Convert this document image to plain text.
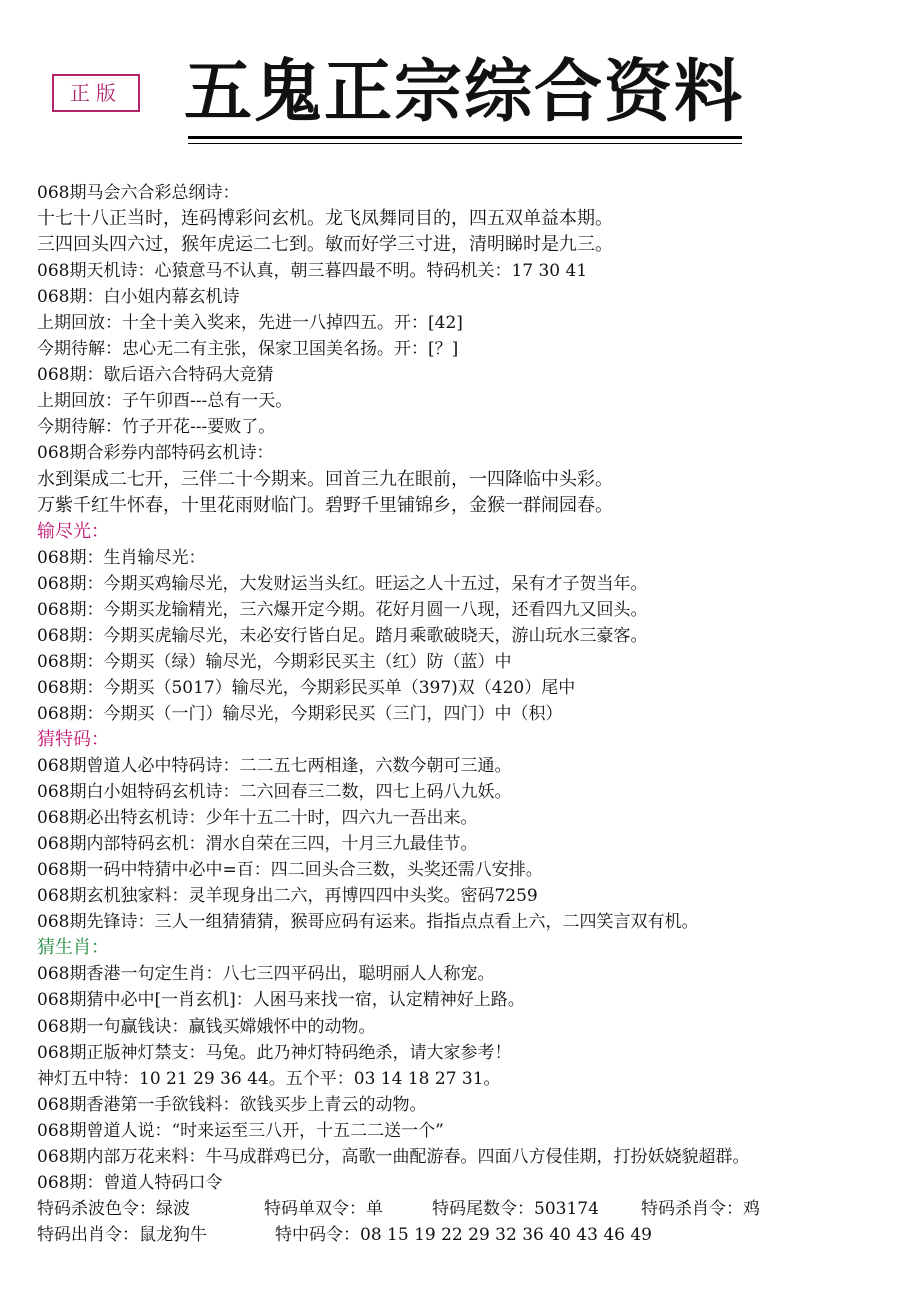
正版 五鬼正宗综合资料
068期马会六合彩总纲诗：
十七十八正当时，连码博彩问玄机。龙飞凤舞同目的，四五双单益本期。
三四回头四六过，猴年虎运二七到。敏而好学三寸进，清明睇时是九三。
068期天机诗：心猿意马不认真，朝三暮四最不明。特码机关：17 30 41
068期：白小姐内幕玄机诗
上期回放：十全十美入奖来，先进一八掉四五。开：[42]
今期待解：忠心无二有主张，保家卫国美名扬。开：[？]
068期：歇后语六合特码大竞猜
上期回放：子午卯酉---总有一天。
今期待解：竹子开花---要败了。
068期合彩券内部特码玄机诗：
水到渠成二七开，三伴二十今期来。回首三九在眼前，一四降临中头彩。
万紫千红牛怀春，十里花雨财临门。碧野千里铺锦乡，金猴一群闹园春。
输尽光：
068期：生肖输尽光：
068期：今期买鸡输尽光，大发财运当头红。旺运之人十五过，呆有才子贺当年。
068期：今期买龙输精光，三六爆开定今期。花好月圆一八现，还看四九又回头。
068期：今期买虎输尽光，未必安行皆白足。踏月乘歌破晓天，游山玩水三豪客。
068期：今期买（绿）输尽光，今期彩民买主（红）防（蓝）中
068期：今期买（5017）输尽光，今期彩民买单（397)双（420）尾中
068期：今期买（一门）输尽光，今期彩民买（三门，四门）中（积）
猜特码：
068期曾道人必中特码诗：二二五七两相逢，六数今朝可三通。
068期白小姐特码玄机诗：二六回春三二数，四七上码八九妖。
068期必出特玄机诗：少年十五二十时，四六九一吾出来。
068期内部特码玄机：渭水自荣在三四，十月三九最佳节。
068期一码中特猜中必中=百：四二回头合三数，头奖还需八安排。
068期玄机独家料：灵羊现身出二六，再博四四中头奖。密码7259
068期先锋诗：三人一组猜猜猜，猴哥应码有运来。指指点点看上六，二四笑言双有机。
猜生肖：
068期香港一句定生肖：八七三四平码出，聪明丽人人称宠。
068期猜中必中[一肖玄机]：人困马来找一宿，认定精神好上路。
068期一句赢钱诀：赢钱买嫦娥怀中的动物。
068期正版神灯禁支：马兔。此乃神灯特码绝杀，请大家参考！
神灯五中特：10 21 29 36 44。五个平：03 14 18 27 31。
068期香港第一手欲钱料：欲钱买步上青云的动物。
068期曾道人说：“时来运至三八开，十五二二送一个”
068期内部万花来料：牛马成群鸡已分，高歌一曲配游春。四面八方侵佳期，打扮妖娆貌超群。
068期：曾道人特码口令
特码杀波色令：绿波	特码单双令：单	特码尾数令：503174	特码杀肖令：鸡
特码出肖令：鼠龙狗牛	特中码令：08 15 19 22 29 32 36 40 43 46 49
